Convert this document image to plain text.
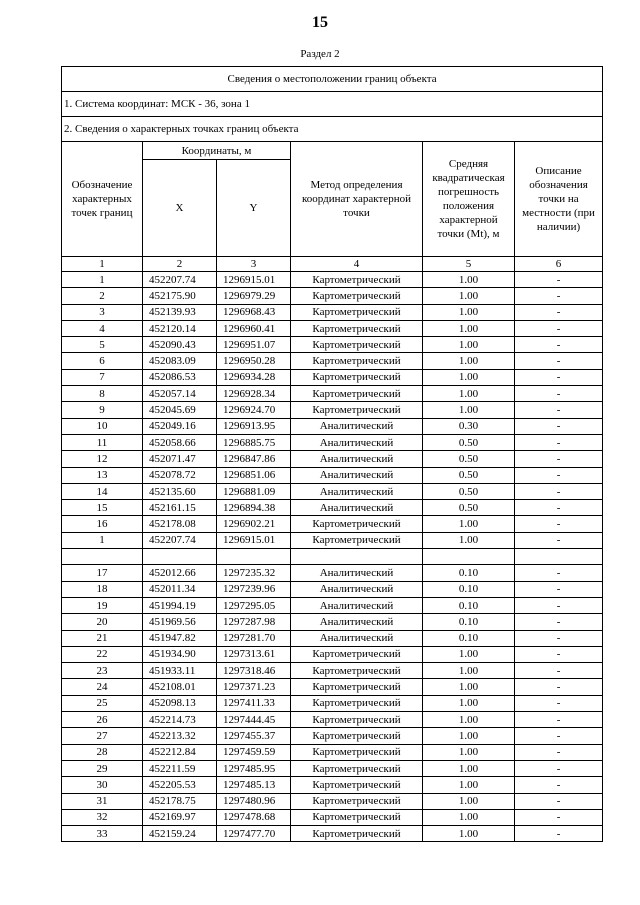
15
Раздел 2
Сведения о местоположении границ объекта					
1. Система координат: МСК - 36, зона 1					
2. Сведения о характерных точках границ объекта					
Обозначение характерных точек границ	Координаты, м		Метод определения координат характерной точки	Средняя квадратическая погрешность положения характерной точки (Mt), м	Описание обозначения точки на местности (при наличии)
	X	Y			
1	2	3	4	5	6
1	452207.74	1296915.01	Картометрический	1.00	-
2	452175.90	1296979.29	Картометрический	1.00	-
3	452139.93	1296968.43	Картометрический	1.00	-
4	452120.14	1296960.41	Картометрический	1.00	-
5	452090.43	1296951.07	Картометрический	1.00	-
6	452083.09	1296950.28	Картометрический	1.00	-
7	452086.53	1296934.28	Картометрический	1.00	-
8	452057.14	1296928.34	Картометрический	1.00	-
9	452045.69	1296924.70	Картометрический	1.00	-
10	452049.16	1296913.95	Аналитический	0.30	-
11	452058.66	1296885.75	Аналитический	0.50	-
12	452071.47	1296847.86	Аналитический	0.50	-
13	452078.72	1296851.06	Аналитический	0.50	-
14	452135.60	1296881.09	Аналитический	0.50	-
15	452161.15	1296894.38	Аналитический	0.50	-
16	452178.08	1296902.21	Картометрический	1.00	-
1	452207.74	1296915.01	Картометрический	1.00	-

17	452012.66	1297235.32	Аналитический	0.10	-
18	452011.34	1297239.96	Аналитический	0.10	-
19	451994.19	1297295.05	Аналитический	0.10	-
20	451969.56	1297287.98	Аналитический	0.10	-
21	451947.82	1297281.70	Аналитический	0.10	-
22	451934.90	1297313.61	Картометрический	1.00	-
23	451933.11	1297318.46	Картометрический	1.00	-
24	452108.01	1297371.23	Картометрический	1.00	-
25	452098.13	1297411.33	Картометрический	1.00	-
26	452214.73	1297444.45	Картометрический	1.00	-
27	452213.32	1297455.37	Картометрический	1.00	-
28	452212.84	1297459.59	Картометрический	1.00	-
29	452211.59	1297485.95	Картометрический	1.00	-
30	452205.53	1297485.13	Картометрический	1.00	-
31	452178.75	1297480.96	Картометрический	1.00	-
32	452169.97	1297478.68	Картометрический	1.00	-
33	452159.24	1297477.70	Картометрический	1.00	-
